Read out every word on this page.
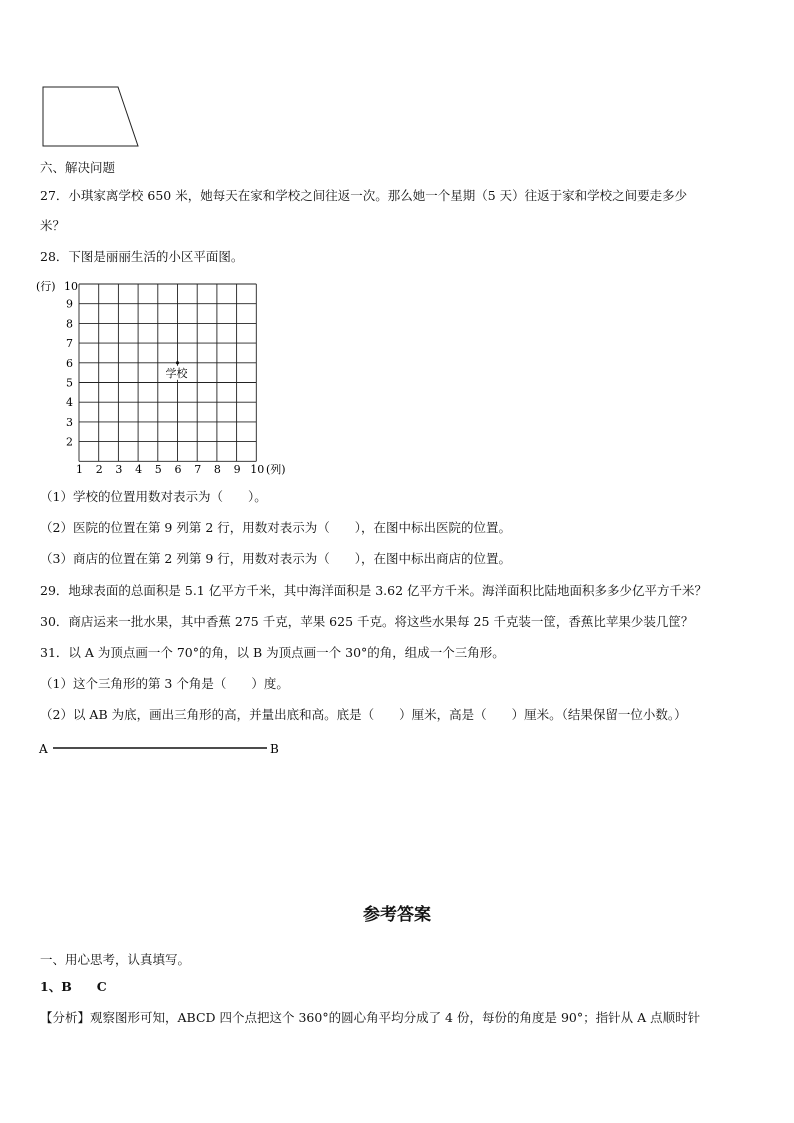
六、解决问题
27．小琪家离学校 650 米，她每天在家和学校之间往返一次。那么她一个星期（5 天）往返于家和学校之间要走多少
米？
28．下图是丽丽生活的小区平面图。
(行)
(列)
10
2
3
4
5
6
7
8
9
1 2 3 4 5 6 7 8 9 10
学校
（1）学校的位置用数对表示为（　　）。
（2）医院的位置在第 9 列第 2 行，用数对表示为（　　），在图中标出医院的位置。
（3）商店的位置在第 2 列第 9 行，用数对表示为（　　），在图中标出商店的位置。
29．地球表面的总面积是 5.1 亿平方千米，其中海洋面积是 3.62 亿平方千米。海洋面积比陆地面积多多少亿平方千米？
30．商店运来一批水果，其中香蕉 275 千克，苹果 625 千克。将这些水果每 25 千克装一筐，香蕉比苹果少装几筐？
31．以 A 为顶点画一个 70°的角，以 B 为顶点画一个 30°的角，组成一个三角形。
（1）这个三角形的第 3 个角是（　　）度。
（2）以 AB 为底，画出三角形的高，并量出底和高。底是（　　）厘米，高是（　　）厘米。（结果保留一位小数。）
A	B
参考答案
一、用心思考，认真填写。
1、B　　C
【分析】观察图形可知，ABCD 四个点把这个 360°的圆心角平均分成了 4 份，每份的角度是 90°；指针从 A 点顺时针
